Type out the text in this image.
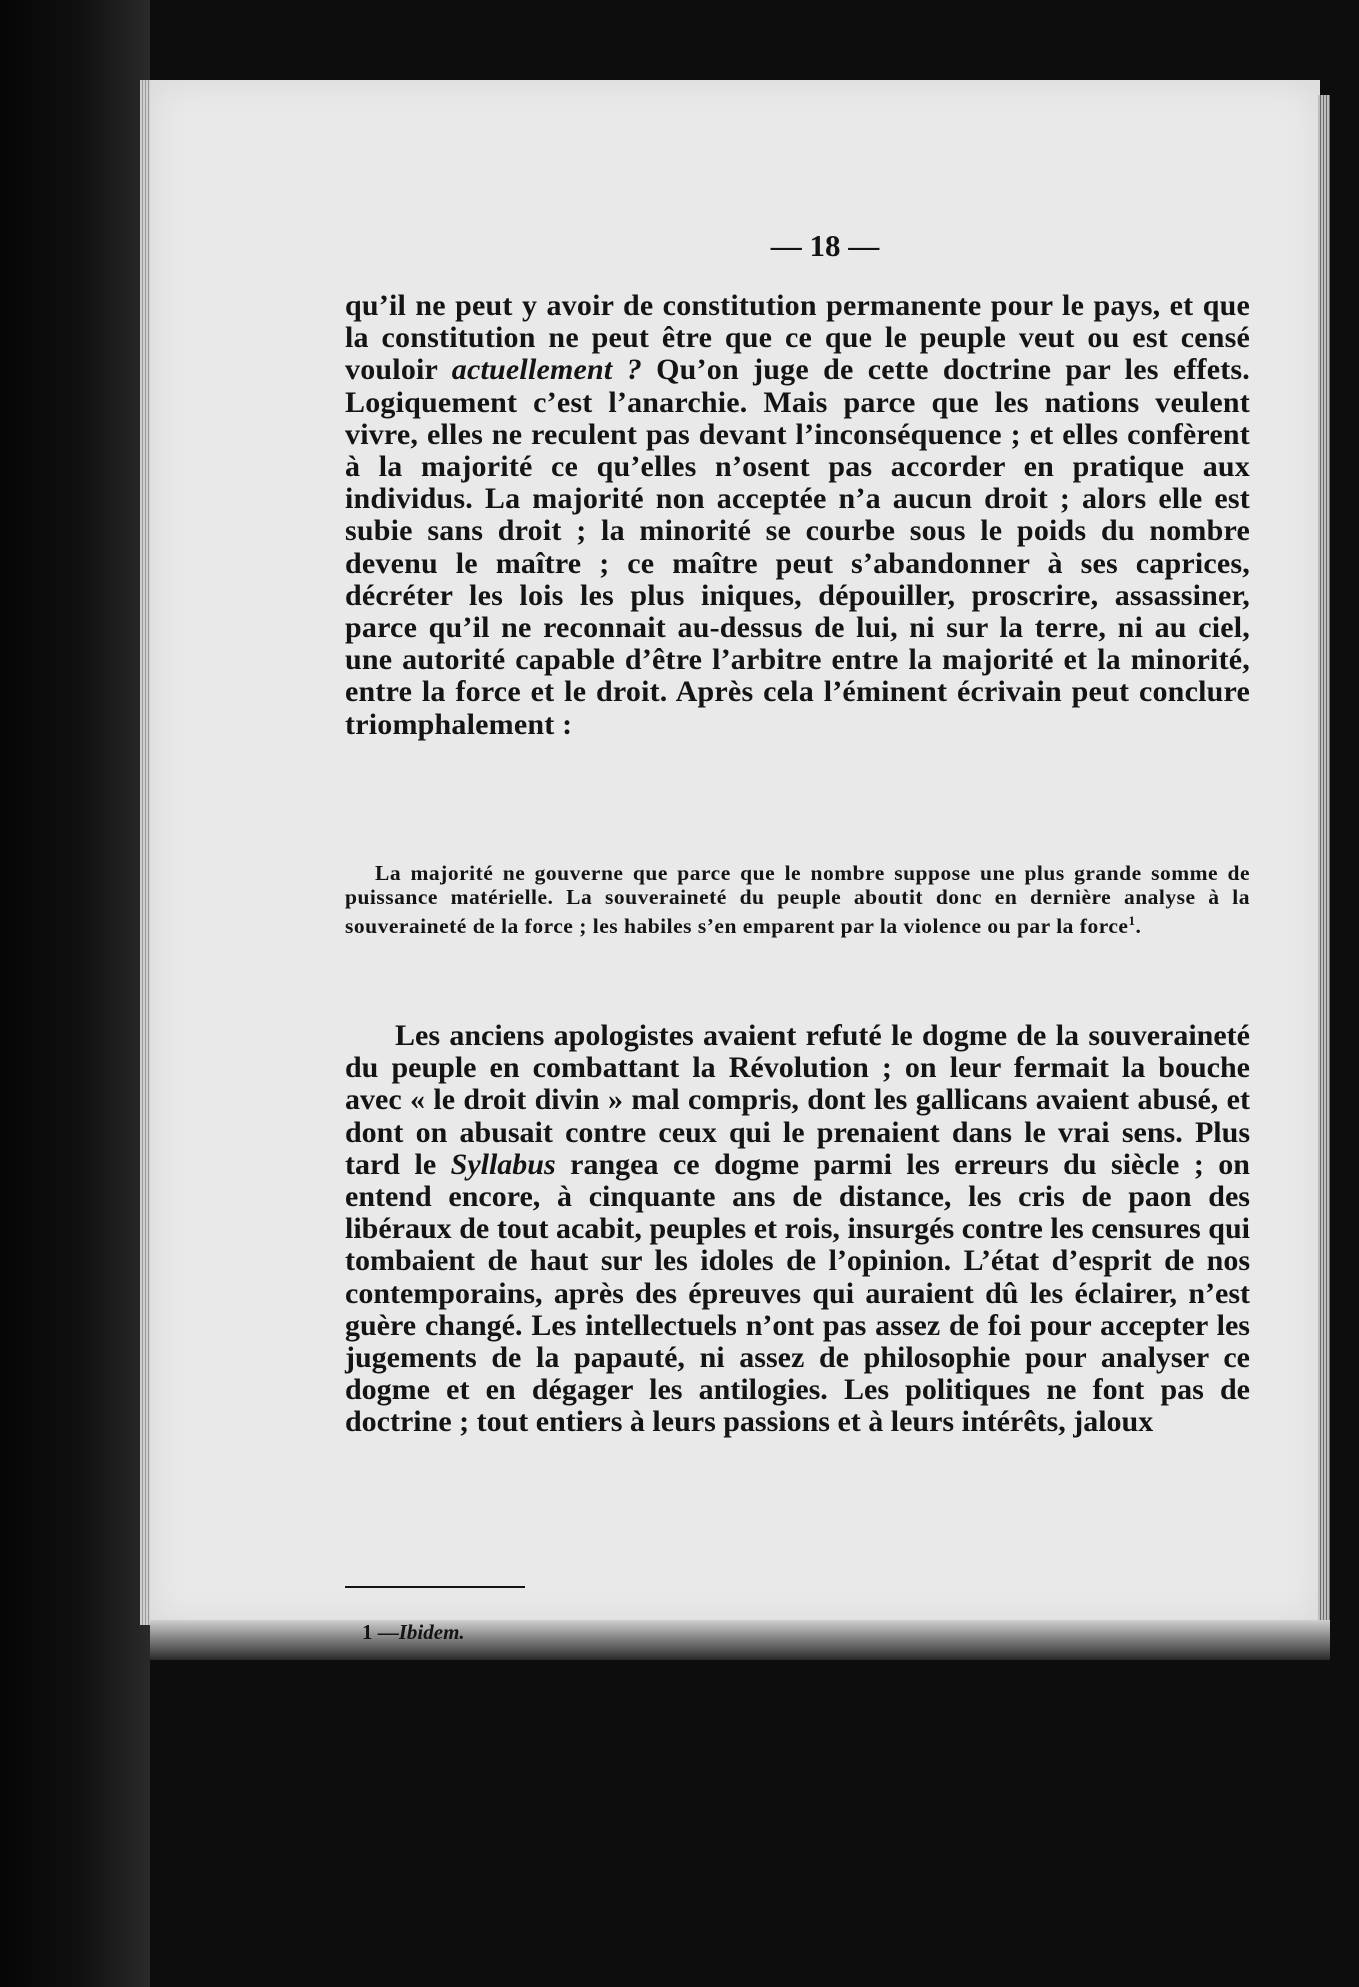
— 18 —

qu’il ne peut y avoir de constitution permanente pour le pays, et que la constitution ne peut être que ce que le peuple veut ou est censé vouloir actuellement ? Qu’on juge de cette doctrine par les effets. Logiquement c’est l’anarchie. Mais parce que les nations veulent vivre, elles ne reculent pas devant l’inconséquence ; et elles confèrent à la majorité ce qu’elles n’osent pas accorder en pratique aux individus. La majorité non acceptée n’a aucun droit ; alors elle est subie sans droit ; la minorité se courbe sous le poids du nombre devenu le maître ; ce maître peut s’abandonner à ses caprices, décréter les lois les plus iniques, dépouiller, proscrire, assassiner, parce qu’il ne reconnait au-dessus de lui, ni sur la terre, ni au ciel, une autorité capable d’être l’arbitre entre la majorité et la minorité, entre la force et le droit. Après cela l’éminent écrivain peut conclure triomphalement :

La majorité ne gouverne que parce que le nombre suppose une plus grande somme de puissance matérielle. La souveraineté du peuple aboutit donc en dernière analyse à la souveraineté de la force ; les habiles s’en emparent par la violence ou par la force$^1$.

Les anciens apologistes avaient refuté le dogme de la souveraineté du peuple en combattant la Révolution ; on leur fermait la bouche avec « le droit divin » mal compris, dont les gallicans avaient abusé, et dont on abusait contre ceux qui le prenaient dans le vrai sens. Plus tard le Syllabus rangea ce dogme parmi les erreurs du siècle ; on entend encore, à cinquante ans de distance, les cris de paon des libéraux de tout acabit, peuples et rois, insurgés contre les censures qui tombaient de haut sur les idoles de l’opinion. L’état d’esprit de nos contemporains, après des épreuves qui auraient dû les éclairer, n’est guère changé. Les intellectuels n’ont pas assez de foi pour accepter les jugements de la papauté, ni assez de philosophie pour analyser ce dogme et en dégager les antilogies. Les politiques ne font pas de doctrine ; tout entiers à leurs passions et à leurs intérêts, jaloux

1 —Ibidem.
